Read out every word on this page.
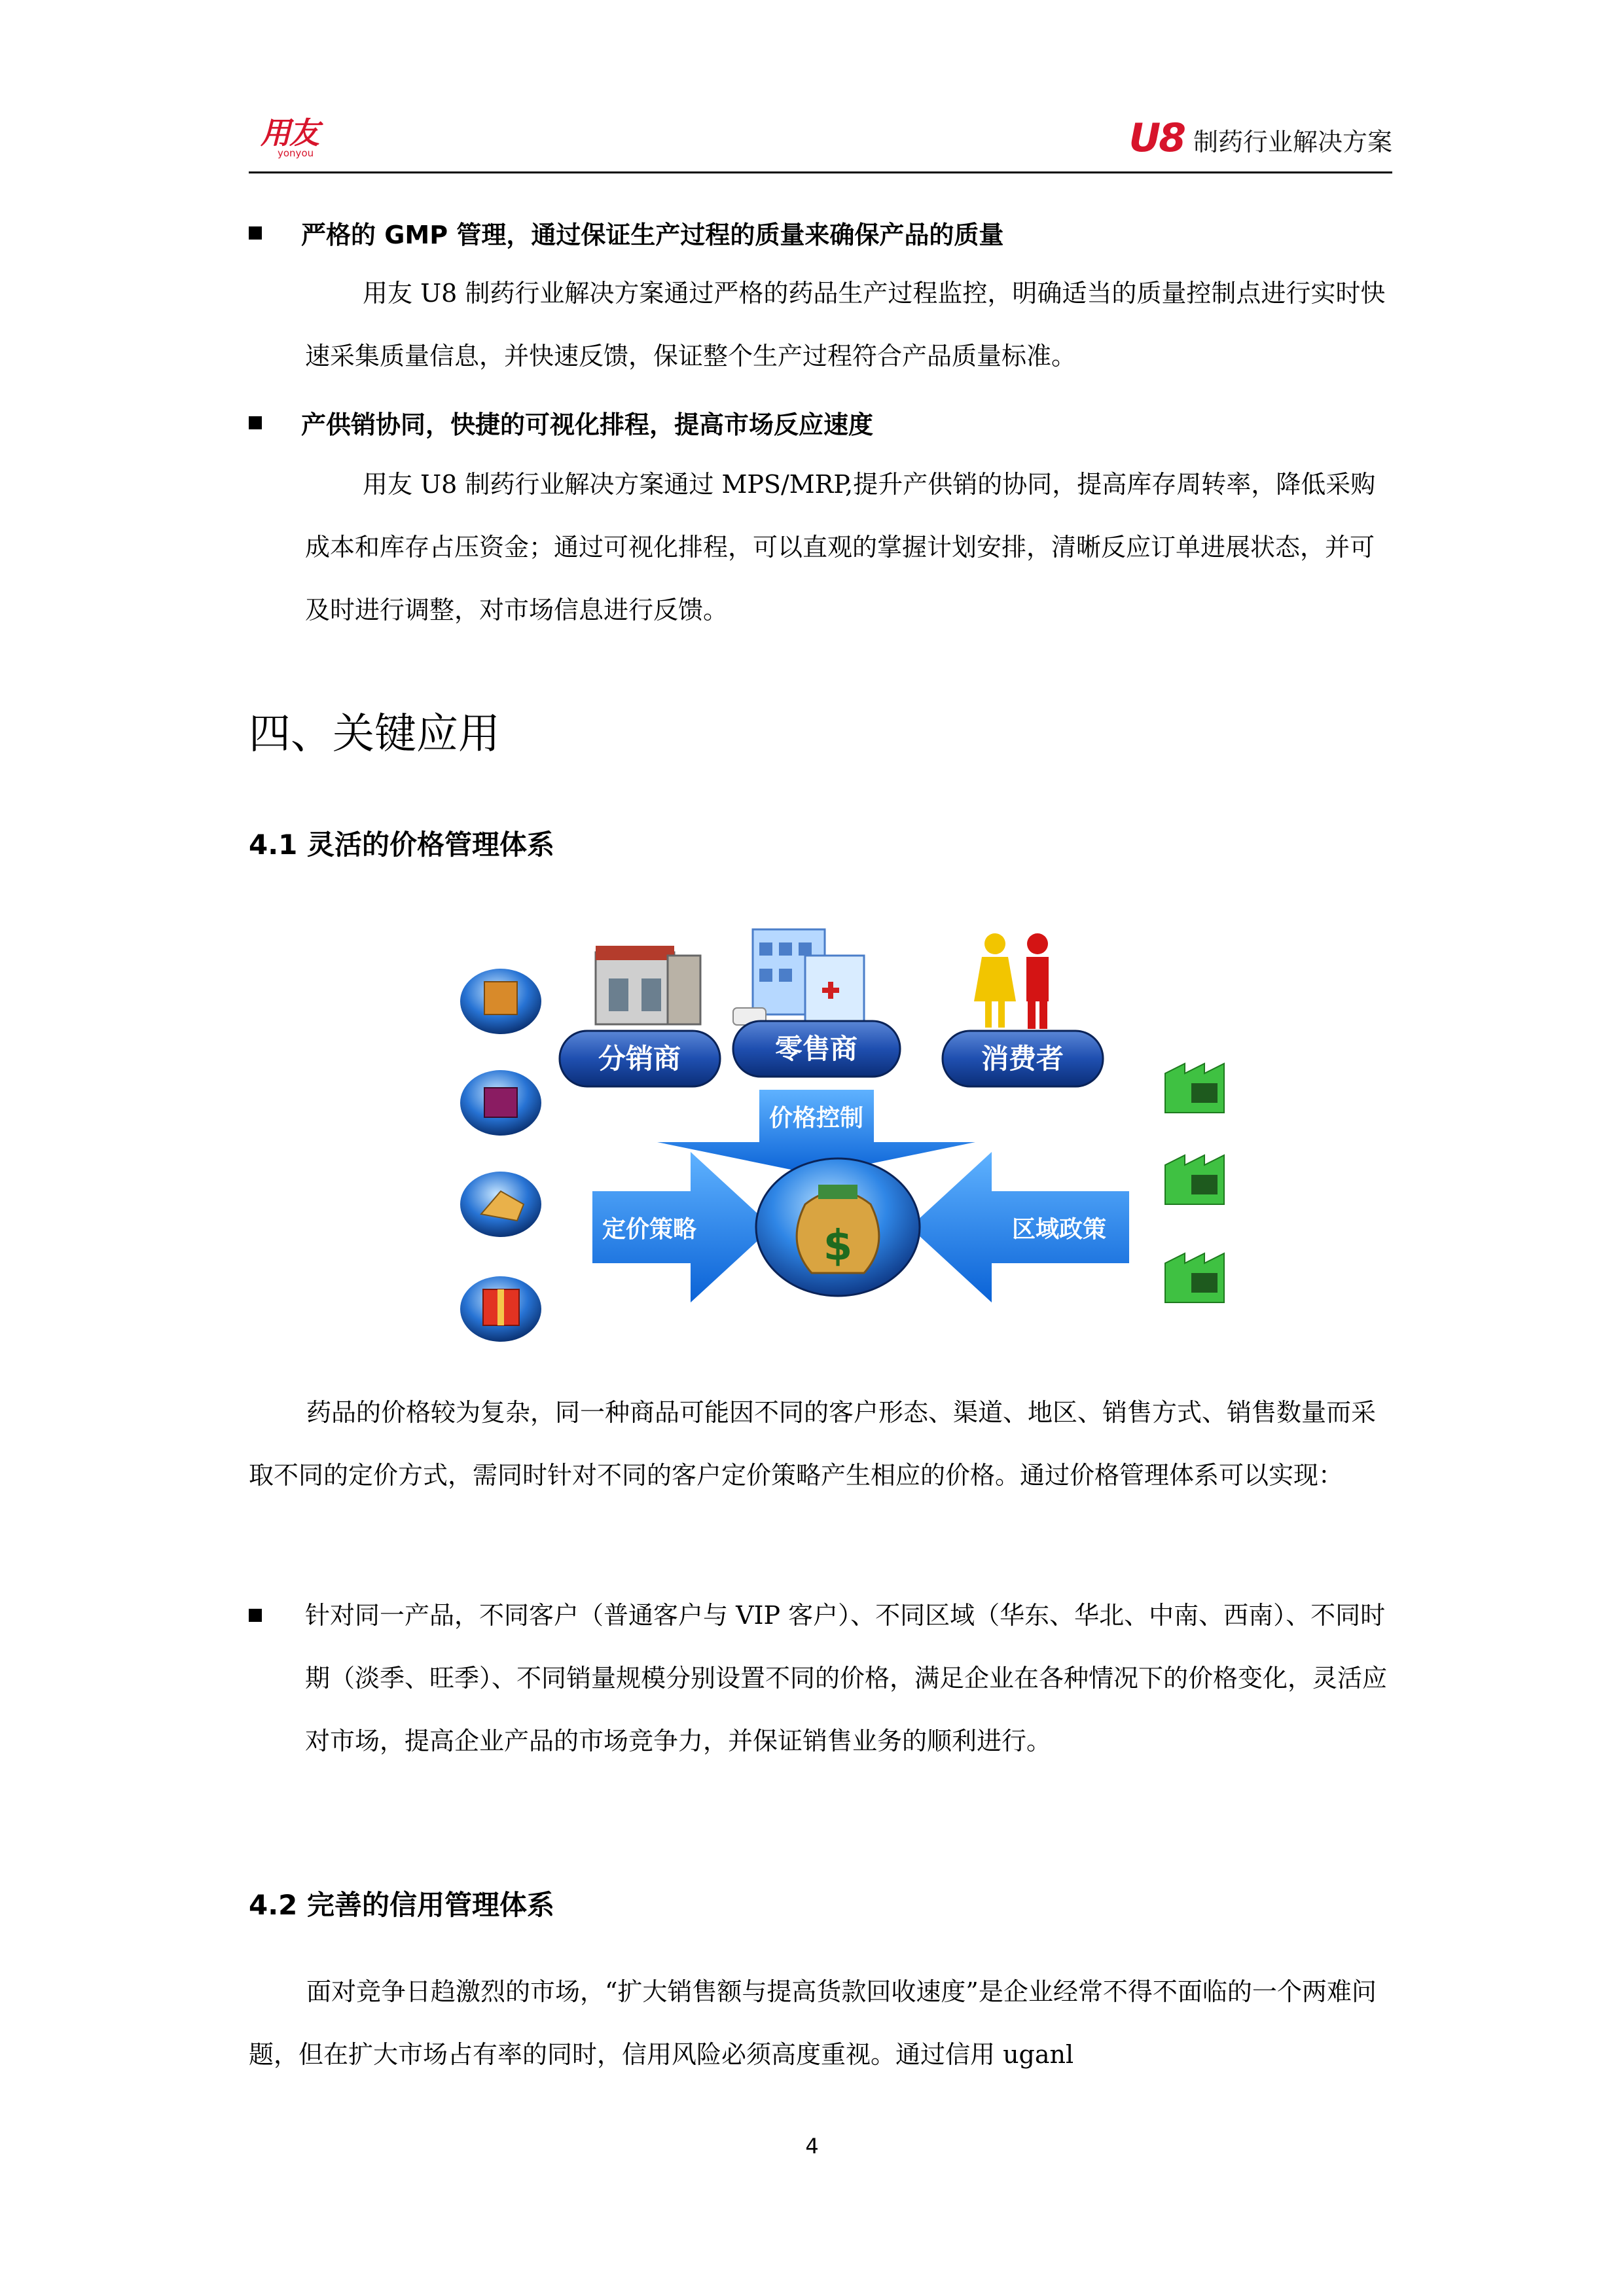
用友
yonyou	U8 制药行业解决方案
严格的 GMP 管理，通过保证生产过程的质量来确保产品的质量

用友 U8 制药行业解决方案通过严格的药品生产过程监控，明确适当的质量控制点进行实时快速采集质量信息，并快速反馈，保证整个生产过程符合产品质量标准。

产供销协同，快捷的可视化排程，提高市场反应速度

用友 U8 制药行业解决方案通过 MPS/MRP,提升产供销的协同，提高库存周转率，降低采购成本和库存占压资金；通过可视化排程，可以直观的掌握计划安排，清晰反应订单进展状态，并可及时进行调整，对市场信息进行反馈。

四、关键应用
4.1 灵活的价格管理体系
分销商	零售商	消费者
价格控制
定价策略	区域政策
$

药品的价格较为复杂，同一种商品可能因不同的客户形态、渠道、地区、销售方式、销售数量而采取不同的定价方式，需同时针对不同的客户定价策略产生相应的价格。通过价格管理体系可以实现：

针对同一产品，不同客户（普通客户与 VIP 客户）、不同区域（华东、华北、中南、西南）、不同时期（淡季、旺季）、不同销量规模分别设置不同的价格，满足企业在各种情况下的价格变化，灵活应对市场，提高企业产品的市场竞争力，并保证销售业务的顺利进行。

4.2 完善的信用管理体系

面对竞争日趋激烈的市场，“扩大销售额与提高货款回收速度”是企业经常不得不面临的一个两难问题，但在扩大市场占有率的同时，信用风险必须高度重视。通过信用 uganl

4
